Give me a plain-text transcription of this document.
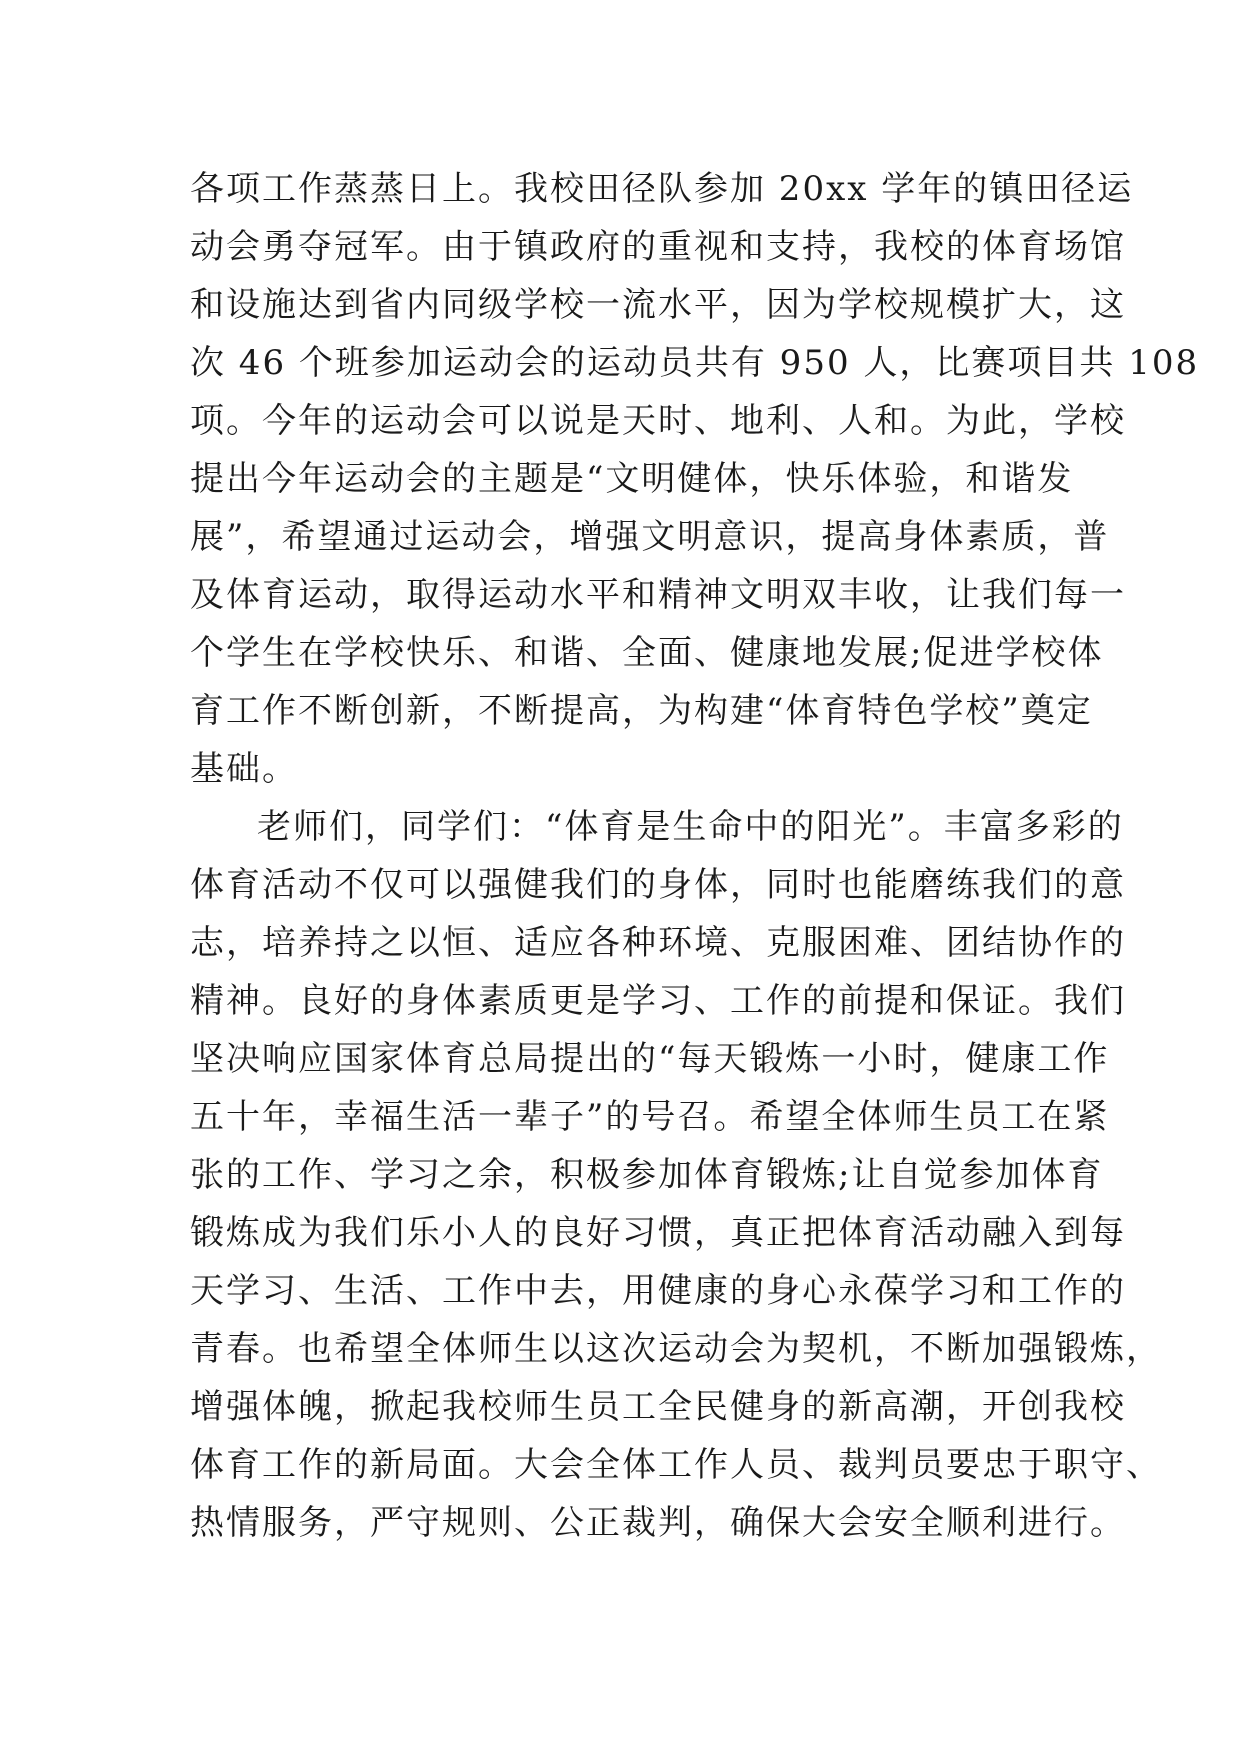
各项工作蒸蒸日上。我校田径队参加 20xx 学年的镇田径运
动会勇夺冠军。由于镇政府的重视和支持，我校的体育场馆
和设施达到省内同级学校一流水平，因为学校规模扩大，这
次 46 个班参加运动会的运动员共有 950 人，比赛项目共 108
项。今年的运动会可以说是天时、地利、人和。为此，学校
提出今年运动会的主题是“文明健体，快乐体验，和谐发
展”，希望通过运动会，增强文明意识，提高身体素质，普
及体育运动，取得运动水平和精神文明双丰收，让我们每一
个学生在学校快乐、和谐、全面、健康地发展;促进学校体
育工作不断创新，不断提高，为构建“体育特色学校”奠定
基础。
老师们，同学们：“体育是生命中的阳光”。丰富多彩的
体育活动不仅可以强健我们的身体，同时也能磨练我们的意
志，培养持之以恒、适应各种环境、克服困难、团结协作的
精神。良好的身体素质更是学习、工作的前提和保证。我们
坚决响应国家体育总局提出的“每天锻炼一小时，健康工作
五十年，幸福生活一辈子”的号召。希望全体师生员工在紧
张的工作、学习之余，积极参加体育锻炼;让自觉参加体育
锻炼成为我们乐小人的良好习惯，真正把体育活动融入到每
天学习、生活、工作中去，用健康的身心永葆学习和工作的
青春。也希望全体师生以这次运动会为契机，不断加强锻炼，
增强体魄，掀起我校师生员工全民健身的新高潮，开创我校
体育工作的新局面。大会全体工作人员、裁判员要忠于职守、
热情服务，严守规则、公正裁判，确保大会安全顺利进行。
